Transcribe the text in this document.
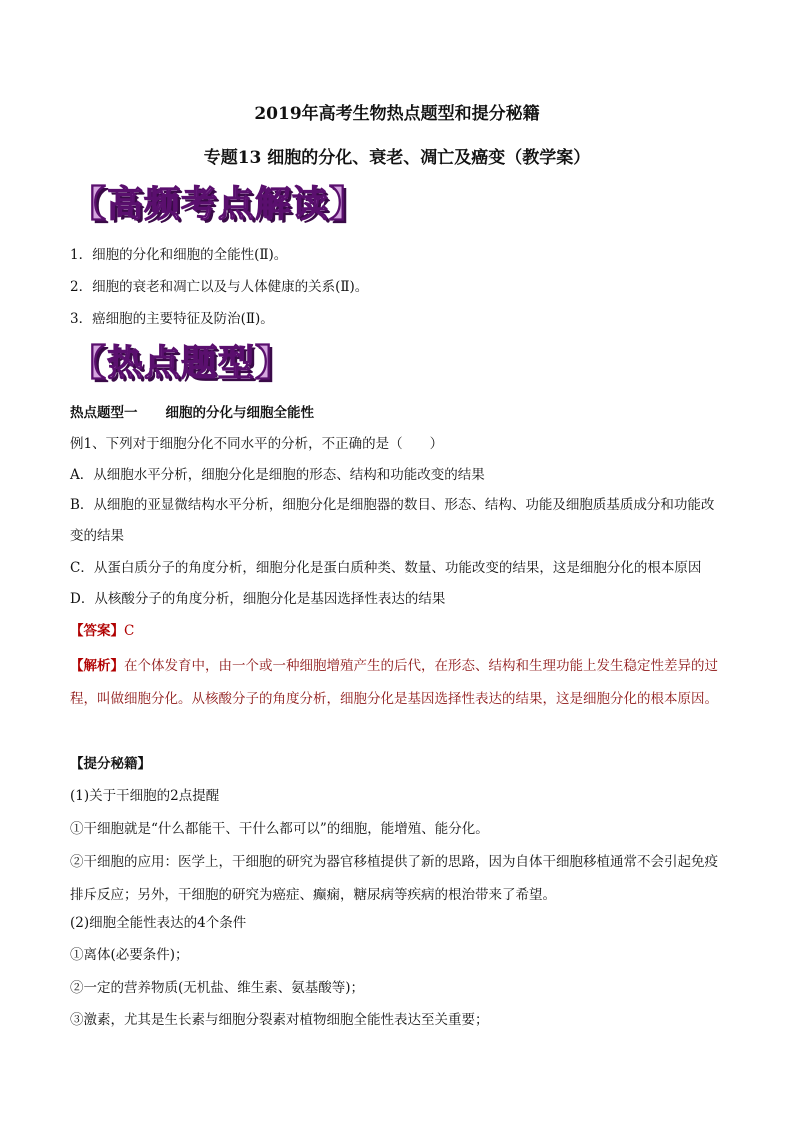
2019年高考生物热点题型和提分秘籍
专题13 细胞的分化、衰老、凋亡及癌变（教学案）
【高频考点解读】
1．细胞的分化和细胞的全能性(Ⅱ)。
2．细胞的衰老和凋亡以及与人体健康的关系(Ⅱ)。
3．癌细胞的主要特征及防治(Ⅱ)。
【热点题型】
热点题型一 细胞的分化与细胞全能性
例1、下列对于细胞分化不同水平的分析，不正确的是（　　）
A．从细胞水平分析，细胞分化是细胞的形态、结构和功能改变的结果
B．从细胞的亚显微结构水平分析，细胞分化是细胞器的数目、形态、结构、功能及细胞质基质成分和功能改变的结果
C．从蛋白质分子的角度分析，细胞分化是蛋白质种类、数量、功能改变的结果，这是细胞分化的根本原因
D．从核酸分子的角度分析，细胞分化是基因选择性表达的结果
【答案】C
【解析】在个体发育中，由一个或一种细胞增殖产生的后代，在形态、结构和生理功能上发生稳定性差异的过程，叫做细胞分化。从核酸分子的角度分析，细胞分化是基因选择性表达的结果，这是细胞分化的根本原因。
【提分秘籍】
(1)关于干细胞的2点提醒
①干细胞就是“什么都能干、干什么都可以”的细胞，能增殖、能分化。
②干细胞的应用：医学上，干细胞的研究为器官移植提供了新的思路，因为自体干细胞移植通常不会引起免疫排斥反应；另外，干细胞的研究为癌症、癫痫，糖尿病等疾病的根治带来了希望。
(2)细胞全能性表达的4个条件
①离体(必要条件)；
②一定的营养物质(无机盐、维生素、氨基酸等)；
③激素，尤其是生长素与细胞分裂素对植物细胞全能性表达至关重要；
